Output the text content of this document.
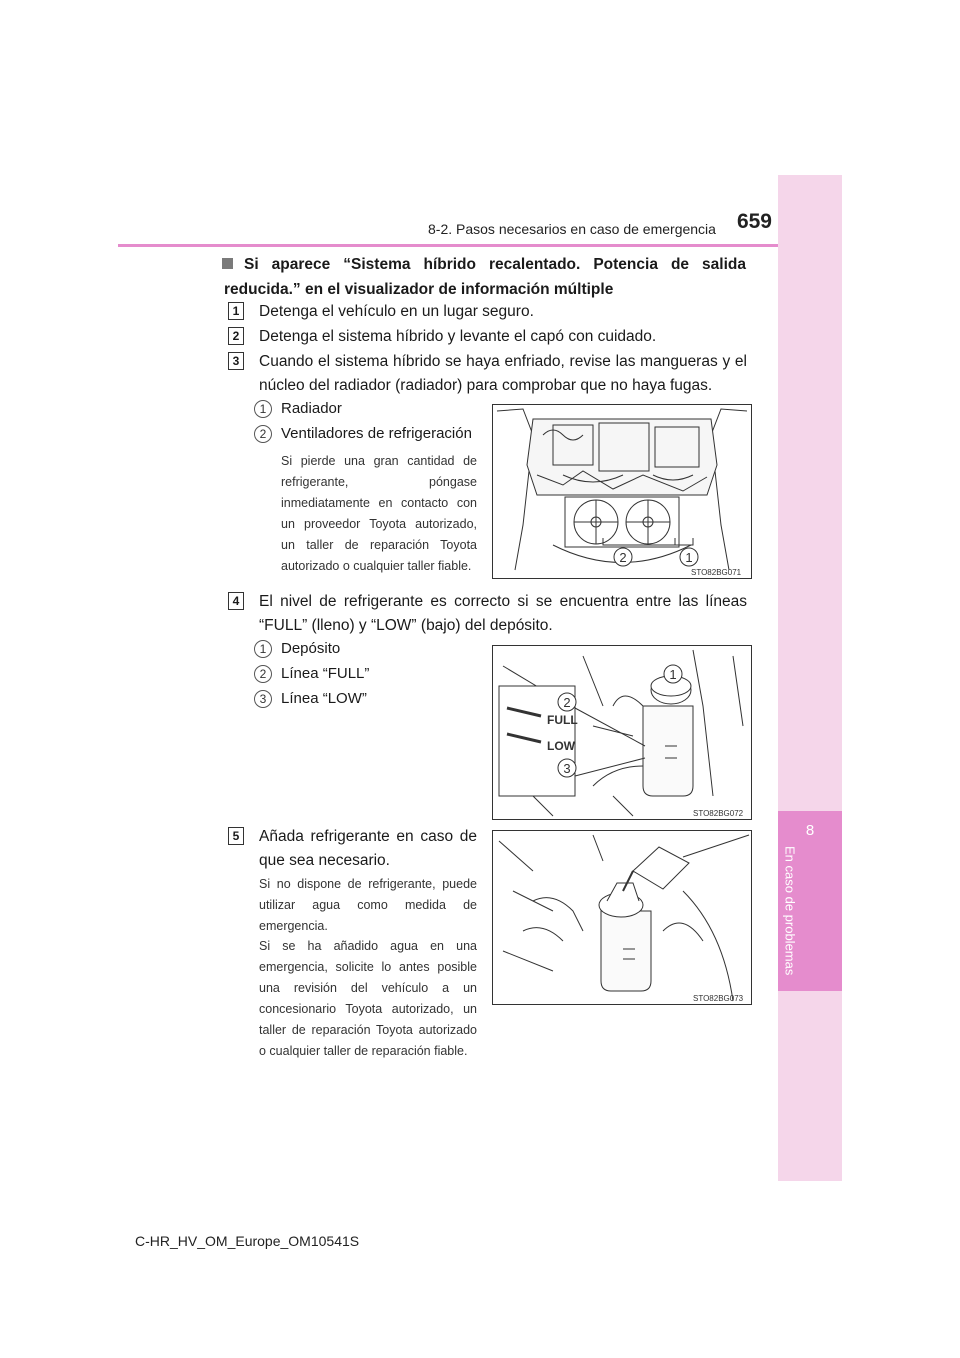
8-2. Pasos necesarios en caso de emergencia 659
8
En caso de problemas
Si aparece “Sistema híbrido recalentado. Potencia de salida reducida.” en el visualizador de información múltiple
1	Detenga el vehículo en un lugar seguro.
2	Detenga el sistema híbrido y levante el capó con cuidado.
3	Cuando el sistema híbrido se haya enfriado, revise las mangueras y el núcleo del radiador (radiador) para comprobar que no haya fugas.
1 Radiador
2 Ventiladores de refrigeración
Si pierde una gran cantidad de refrigerante, póngase inmediatamente en contacto con un proveedor Toyota autorizado, un taller de reparación Toyota autorizado o cualquier taller fiable.
2	1
STO82BG071
4	El nivel de refrigerante es correcto si se encuentra entre las líneas “FULL” (lleno) y “LOW” (bajo) del depósito.
1 Depósito
2 Línea “FULL”
3 Línea “LOW”
FULL
LOW
1
2
3
STO82BG072
5	Añada refrigerante en caso de que sea necesario.
Si no dispone de refrigerante, puede utilizar agua como medida de emergencia.
Si se ha añadido agua en una emergencia, solicite lo antes posible una revisión del vehículo a un concesionario Toyota autorizado, un taller de reparación Toyota autorizado o cualquier taller de reparación fiable.
STO82BG073
C-HR_HV_OM_Europe_OM10541S
